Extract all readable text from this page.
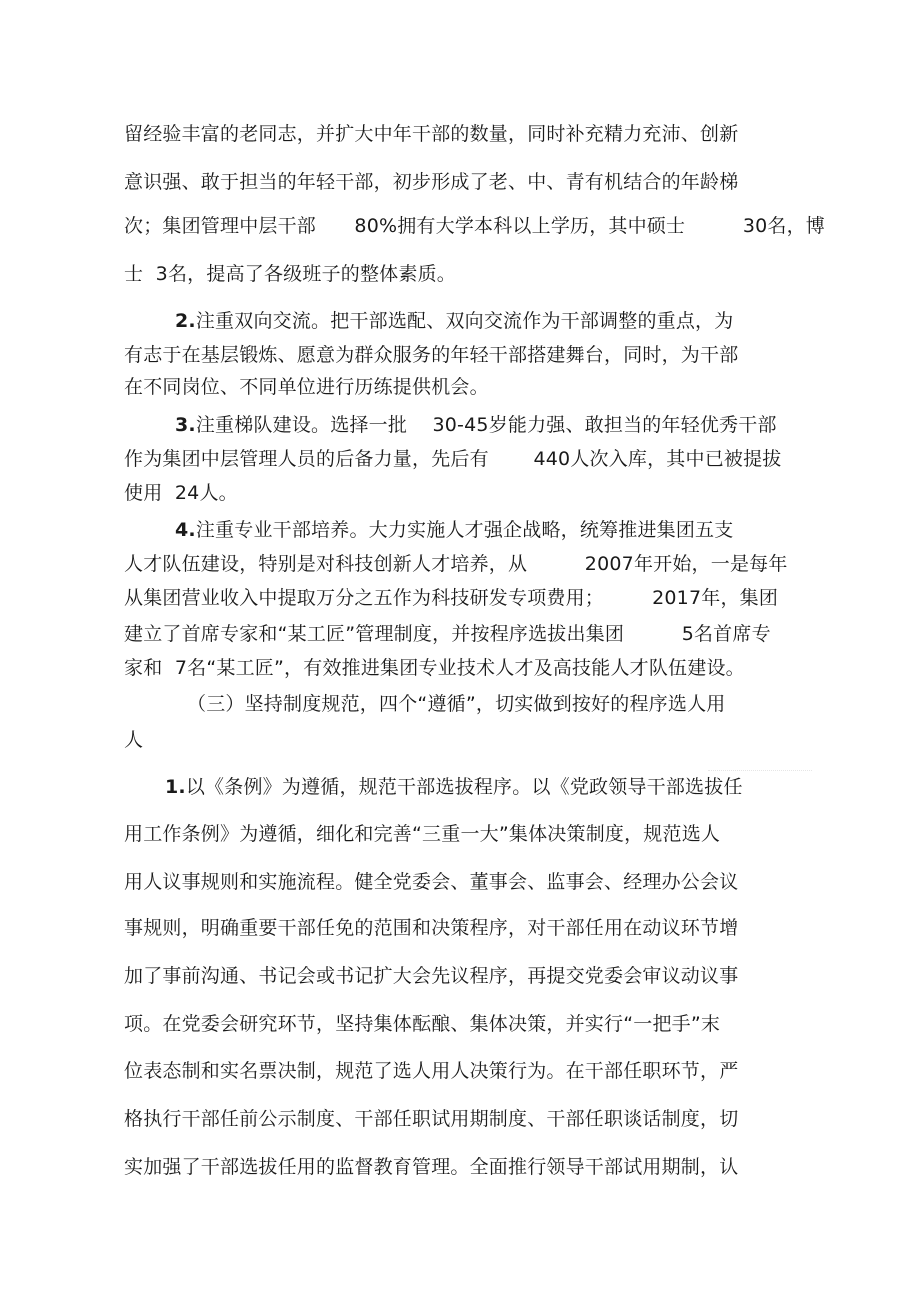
留经验丰富的老同志，并扩大中年干部的数量，同时补充精力充沛、创新
意识强、敢于担当的年轻干部，初步形成了老、中、青有机结合的年龄梯
次；集团管理中层干部　　80%拥有大学本科以上学历，其中硕士　　　30名，博
士  3名，提高了各级班子的整体素质。
2.注重双向交流。把干部选配、双向交流作为干部调整的重点，为
有志于在基层锻炼、愿意为群众服务的年轻干部搭建舞台，同时，为干部
在不同岗位、不同单位进行历练提供机会。
3.注重梯队建设。选择一批　 30-45岁能力强、敢担当的年轻优秀干部
作为集团中层管理人员的后备力量，先后有　　 440人次入库，其中已被提拔
使用  24人。
4.注重专业干部培养。大力实施人才强企战略，统筹推进集团五支
人才队伍建设，特别是对科技创新人才培养，从　　　2007年开始，一是每年
从集团营业收入中提取万分之五作为科技研发专项费用；　　　2017年，集团
建立了首席专家和“某工匠”管理制度，并按程序选拔出集团　　　5名首席专
家和  7名“某工匠”，有效推进集团专业技术人才及高技能人才队伍建设。
（三）坚持制度规范，四个“遵循”，切实做到按好的程序选人用
人
1.以《条例》为遵循，规范干部选拔程序。以《党政领导干部选拔任
用工作条例》为遵循，细化和完善“三重一大”集体决策制度，规范选人
用人议事规则和实施流程。健全党委会、董事会、监事会、经理办公会议
事规则，明确重要干部任免的范围和决策程序，对干部任用在动议环节增
加了事前沟通、书记会或书记扩大会先议程序，再提交党委会审议动议事
项。在党委会研究环节，坚持集体酝酿、集体决策，并实行“一把手”末
位表态制和实名票决制，规范了选人用人决策行为。在干部任职环节，严
格执行干部任前公示制度、干部任职试用期制度、干部任职谈话制度，切
实加强了干部选拔任用的监督教育管理。全面推行领导干部试用期制，认
